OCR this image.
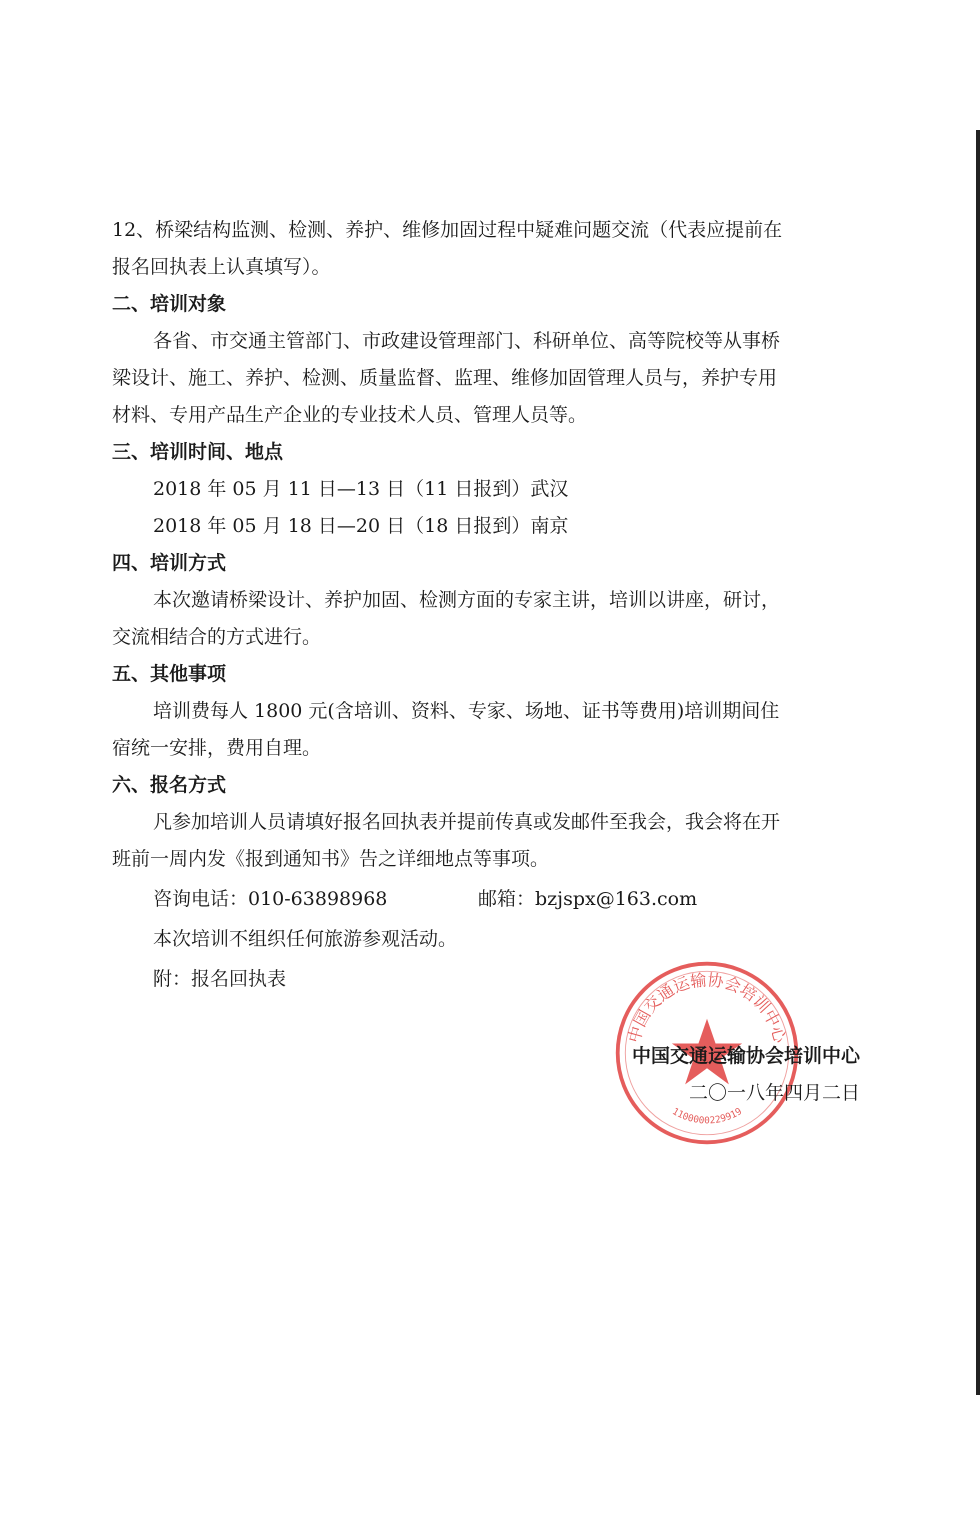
12、桥梁结构监测、检测、养护、维修加固过程中疑难问题交流（代表应提前在
报名回执表上认真填写）。
二、培训对象
各省、市交通主管部门、市政建设管理部门、科研单位、高等院校等从事桥
梁设计、施工、养护、检测、质量监督、监理、维修加固管理人员与，养护专用
材料、专用产品生产企业的专业技术人员、管理人员等。
三、培训时间、地点
2018 年 05 月 11 日—13 日（11 日报到）武汉
2018 年 05 月 18 日—20 日（18 日报到）南京
四、培训方式
本次邀请桥梁设计、养护加固、检测方面的专家主讲，培训以讲座，研讨，
交流相结合的方式进行。
五、其他事项
培训费每人 1800 元(含培训、资料、专家、场地、证书等费用)培训期间住
宿统一安排，费用自理。
六、报名方式
凡参加培训人员请填好报名回执表并提前传真或发邮件至我会，我会将在开
班前一周内发《报到通知书》告之详细地点等事项。
咨询电话：010-63898968	邮箱：bzjspx@163.com
本次培训不组织任何旅游参观活动。
附：报名回执表
中国交通运输协会培训中心
1100000229919
中国交通运输协会培训中心
二〇一八年四月二日
